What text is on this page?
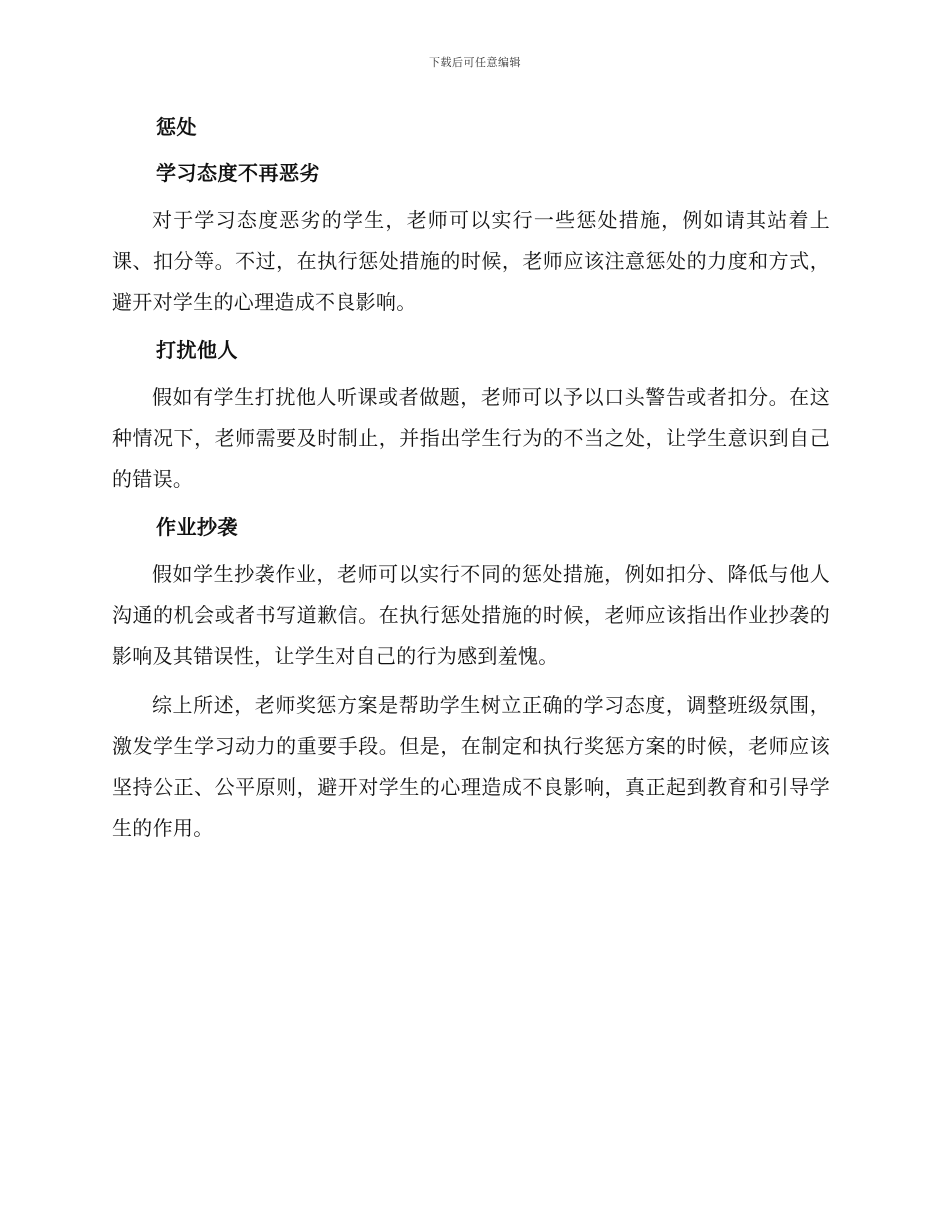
下载后可任意编辑
惩处
学习态度不再恶劣
对于学习态度恶劣的学生，老师可以实行一些惩处措施，例如请其站着上课、扣分等。不过，在执行惩处措施的时候，老师应该注意惩处的力度和方式，避开对学生的心理造成不良影响。
打扰他人
假如有学生打扰他人听课或者做题，老师可以予以口头警告或者扣分。在这种情况下，老师需要及时制止，并指出学生行为的不当之处，让学生意识到自己的错误。
作业抄袭
假如学生抄袭作业，老师可以实行不同的惩处措施，例如扣分、降低与他人沟通的机会或者书写道歉信。在执行惩处措施的时候，老师应该指出作业抄袭的影响及其错误性，让学生对自己的行为感到羞愧。
综上所述，老师奖惩方案是帮助学生树立正确的学习态度，调整班级氛围，激发学生学习动力的重要手段。但是，在制定和执行奖惩方案的时候，老师应该坚持公正、公平原则，避开对学生的心理造成不良影响，真正起到教育和引导学生的作用。
